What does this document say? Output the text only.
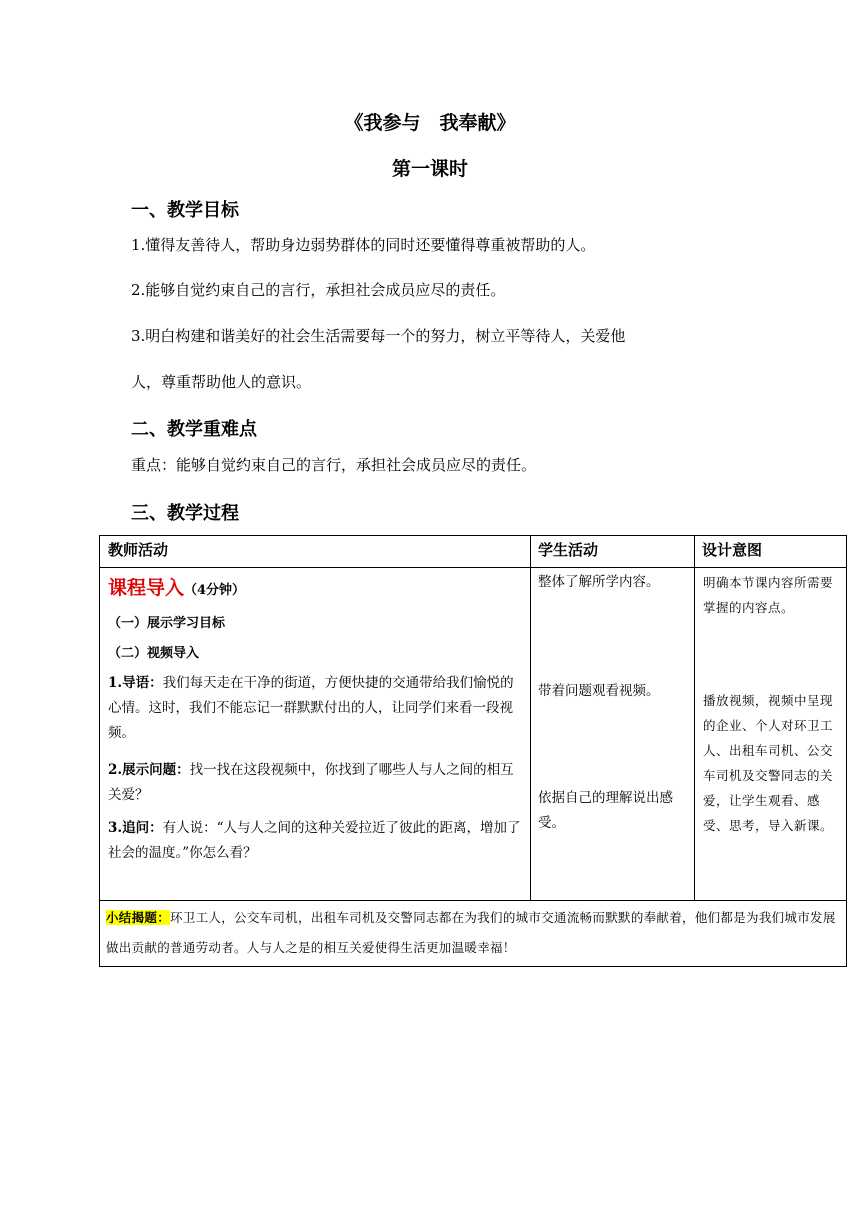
《我参与　我奉献》
第一课时
一、教学目标
1.懂得友善待人，帮助身边弱势群体的同时还要懂得尊重被帮助的人。
2.能够自觉约束自己的言行，承担社会成员应尽的责任。
3.明白构建和谐美好的社会生活需要每一个的努力，树立平等待人，关爱他
人，尊重帮助他人的意识。
二、教学重难点
重点：能够自觉约束自己的言行，承担社会成员应尽的责任。
三、教学过程
教师活动	学生活动	设计意图
课程导入（4分钟）
（一）展示学习目标
（二）视频导入
1.导语：我们每天走在干净的街道，方便快捷的交通带给我们愉悦的心情。这时，我们不能忘记一群默默付出的人，让同学们来看一段视频。
2.展示问题：找一找在这段视频中，你找到了哪些人与人之间的相互关爱？
3.追问：有人说：“人与人之间的这种关爱拉近了彼此的距离，增加了社会的温度。”你怎么看？
整体了解所学内容。
带着问题观看视频。
依据自己的理解说出感受。
明确本节课内容所需要掌握的内容点。
播放视频，视频中呈现的企业、个人对环卫工人、出租车司机、公交车司机及交警同志的关爱，让学生观看、感受、思考，导入新课。
小结揭题：环卫工人，公交车司机，出租车司机及交警同志都在为我们的城市交通流畅而默默的奉献着，他们都是为我们城市发展做出贡献的普通劳动者。人与人之是的相互关爱使得生活更加温暖幸福！
